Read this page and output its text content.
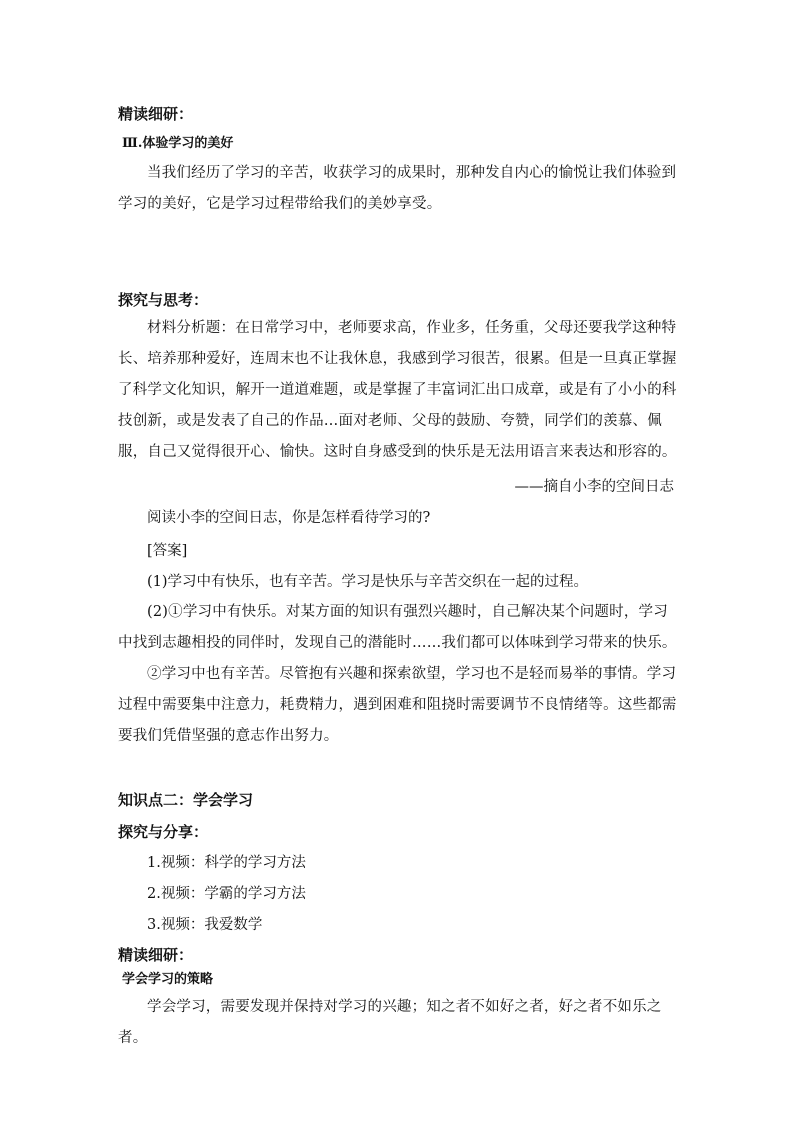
精读细研：

Ⅲ.体验学习的美好

当我们经历了学习的辛苦，收获学习的成果时，那种发自内心的愉悦让我们体验到学习的美好，它是学习过程带给我们的美妙享受。

探究与思考：

材料分析题：在日常学习中，老师要求高，作业多，任务重，父母还要我学这种特长、培养那种爱好，连周末也不让我休息，我感到学习很苦，很累。但是一旦真正掌握了科学文化知识，解开一道道难题，或是掌握了丰富词汇出口成章，或是有了小小的科技创新，或是发表了自己的作品…面对老师、父母的鼓励、夸赞，同学们的羡慕、佩服，自己又觉得很开心、愉快。这时自身感受到的快乐是无法用语言来表达和形容的。

——摘自小李的空间日志

阅读小李的空间日志，你是怎样看待学习的?

[答案]

(1)学习中有快乐，也有辛苦。学习是快乐与辛苦交织在一起的过程。

(2)①学习中有快乐。对某方面的知识有强烈兴趣时，自己解决某个问题时，学习中找到志趣相投的同伴时，发现自己的潜能时……我们都可以体味到学习带来的快乐。

②学习中也有辛苦。尽管抱有兴趣和探索欲望，学习也不是轻而易举的事情。学习过程中需要集中注意力，耗费精力，遇到困难和阻挠时需要调节不良情绪等。这些都需要我们凭借坚强的意志作出努力。

知识点二：学会学习

探究与分享：

1.视频：科学的学习方法

2.视频：学霸的学习方法

3.视频：我爱数学

精读细研：

学会学习的策略

学会学习，需要发现并保持对学习的兴趣；知之者不如好之者，好之者不如乐之者。
